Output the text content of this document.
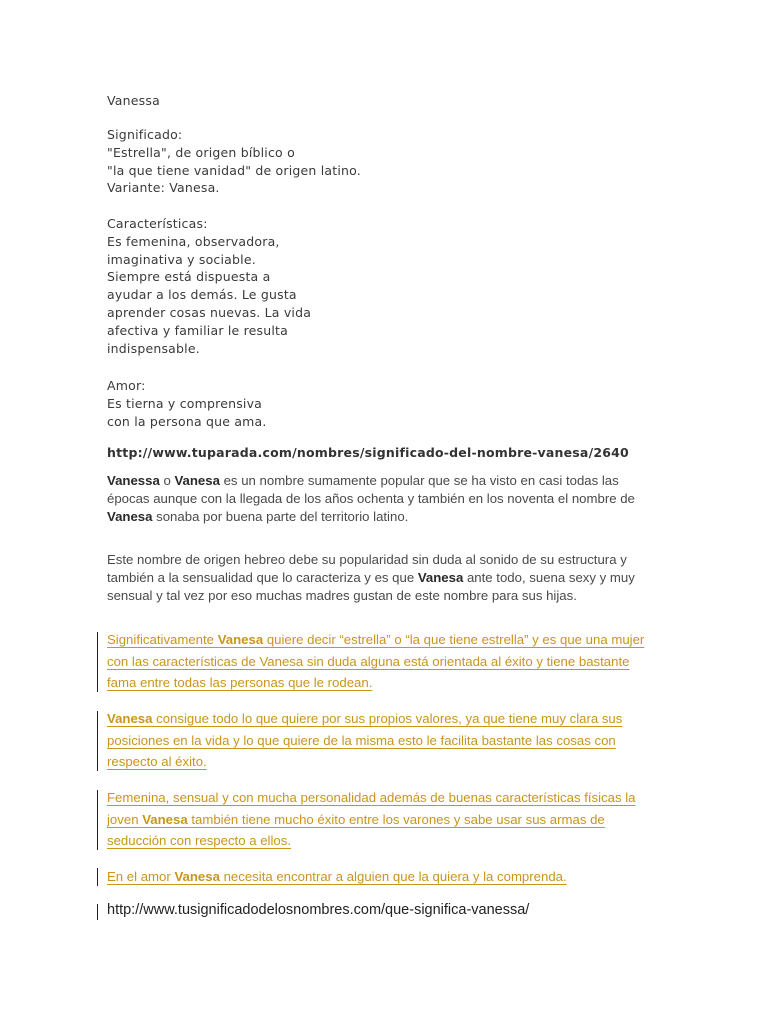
Vanessa
Significado:
"Estrella", de origen bíblico o
"la que tiene vanidad" de origen latino.
Variante: Vanesa.
Características:
Es femenina, observadora,
imaginativa y sociable.
Siempre está dispuesta a
ayudar a los demás. Le gusta
aprender cosas nuevas. La vida
afectiva y familiar le resulta
indispensable.
Amor:
Es tierna y comprensiva
con la persona que ama.
http://www.tuparada.com/nombres/significado-del-nombre-vanesa/2640
Vanessa o Vanesa es un nombre sumamente popular que se ha visto en casi todas las
épocas aunque con la llegada de los años ochenta y también en los noventa el nombre de
Vanesa sonaba por buena parte del territorio latino.
Este nombre de origen hebreo debe su popularidad sin duda al sonido de su estructura y
también a la sensualidad que lo caracteriza y es que Vanesa ante todo, suena sexy y muy
sensual y tal vez por eso muchas madres gustan de este nombre para sus hijas.
Significativamente Vanesa quiere decir “estrella” o “la que tiene estrella” y es que una mujer
con las características de Vanesa sin duda alguna está orientada al éxito y tiene bastante
fama entre todas las personas que le rodean.
Vanesa consigue todo lo que quiere por sus propios valores, ya que tiene muy clara sus
posiciones en la vida y lo que quiere de la misma esto le facilita bastante las cosas con
respecto al éxito.
Femenina, sensual y con mucha personalidad además de buenas características físicas la
joven Vanesa también tiene mucho éxito entre los varones y sabe usar sus armas de
seducción con respecto a ellos.
En el amor Vanesa necesita encontrar a alguien que la quiera y la comprenda.
http://www.tusignificadodelosnombres.com/que-significa-vanessa/
